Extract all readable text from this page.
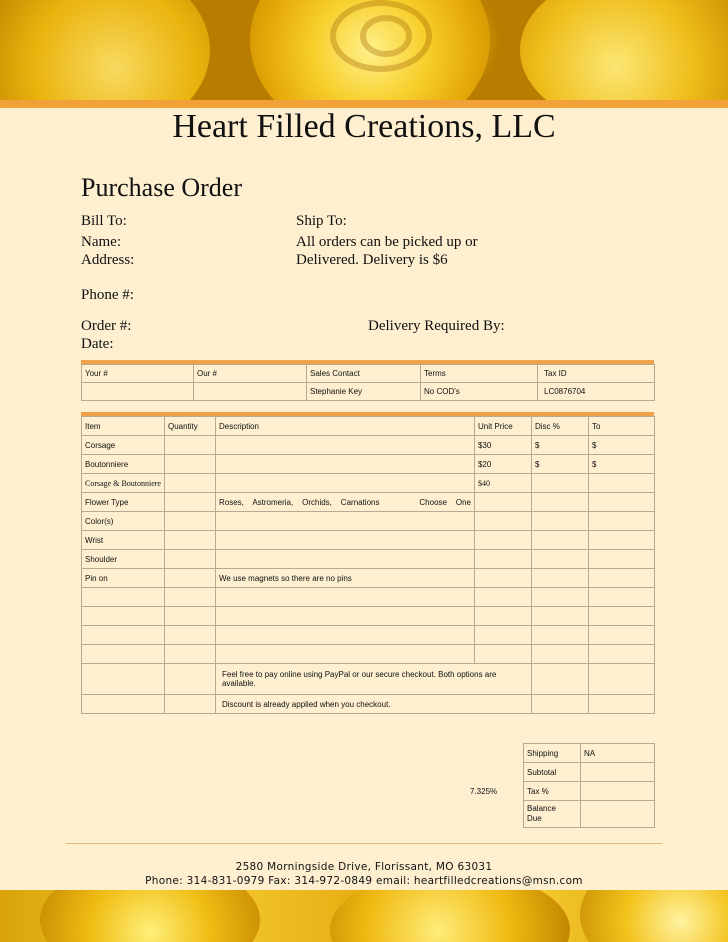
Heart Filled Creations, LLC
Purchase Order
Bill To:
Name:
Address:
Ship To:
All orders can be picked up or
Delivered. Delivery is $6
Phone #:
Order #:
Date:
Delivery Required By:
Your #	Our #	Sales Contact	Terms	Tax ID
		Stephanie Key	No COD's	LC0876704
Item	Quantity	Description	Unit Price	Disc %	To
Corsage			$30	$	$
Boutonniere			$20	$	$
Corsage & Boutonniere			$40		
Flower Type		Roses,    Astromeria,    Orchids,    Carnations Choose    One			

Color(s)					
Wrist					
Shoulder					
Pin on		We use magnets so there are no pins			

		Feel free to pay online using PayPal or our secure checkout. Both options are available.			
		Discount is already applied when you checkout.			
		Shipping	NA
		Subtotal	
	7.325%	Tax %	
		Balance
Due	
2580 Morningside Drive, Florissant, MO 63031
Phone: 314-831-0979 Fax: 314-972-0849 email: heartfilledcreations@msn.com
